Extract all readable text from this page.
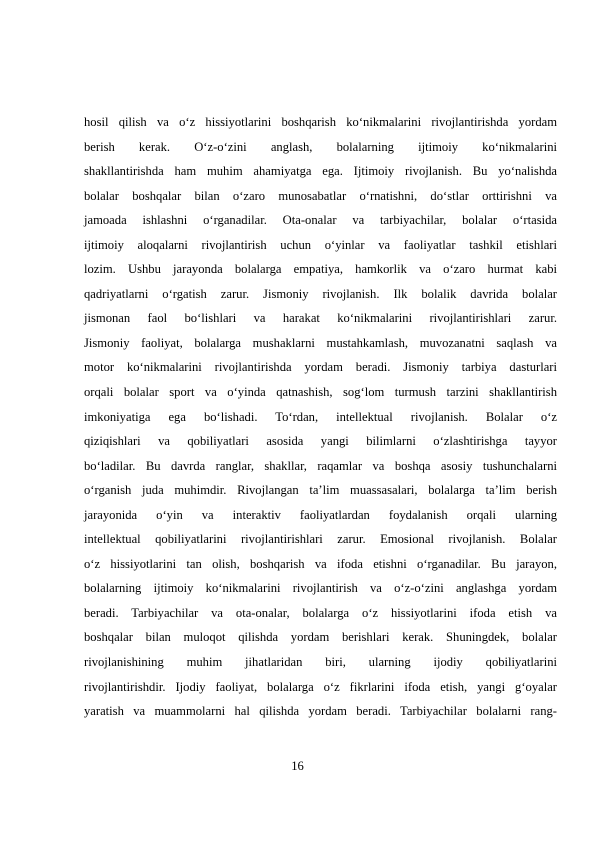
hosil qilish va o‘z hissiyotlarini boshqarish ko‘nikmalarini rivojlantirishda yordam
berish kerak. O‘z-o‘zini anglash, bolalarning ijtimoiy ko‘nikmalarini
shakllantirishda ham muhim ahamiyatga ega. Ijtimoiy rivojlanish. Bu yo‘nalishda
bolalar boshqalar bilan o‘zaro munosabatlar o‘rnatishni, do‘stlar orttirishni va
jamoada ishlashni o‘rganadilar. Ota-onalar va tarbiyachilar, bolalar o‘rtasida
ijtimoiy aloqalarni rivojlantirish uchun o‘yinlar va faoliyatlar tashkil etishlari
lozim. Ushbu jarayonda bolalarga empatiya, hamkorlik va o‘zaro hurmat kabi
qadriyatlarni o‘rgatish zarur. Jismoniy rivojlanish. Ilk bolalik davrida bolalar
jismonan faol bo‘lishlari va harakat ko‘nikmalarini rivojlantirishlari zarur.
Jismoniy faoliyat, bolalarga mushaklarni mustahkamlash, muvozanatni saqlash va
motor ko‘nikmalarini rivojlantirishda yordam beradi. Jismoniy tarbiya dasturlari
orqali bolalar sport va o‘yinda qatnashish, sog‘lom turmush tarzini shakllantirish
imkoniyatiga ega bo‘lishadi. To‘rdan, intellektual rivojlanish. Bolalar o‘z
qiziqishlari va qobiliyatlari asosida yangi bilimlarni o‘zlashtirishga tayyor
bo‘ladilar. Bu davrda ranglar, shakllar, raqamlar va boshqa asosiy tushunchalarni
o‘rganish juda muhimdir. Rivojlangan ta’lim muassasalari, bolalarga ta’lim berish
jarayonida o‘yin va interaktiv faoliyatlardan foydalanish orqali ularning
intellektual qobiliyatlarini rivojlantirishlari zarur. Emosional rivojlanish. Bolalar
o‘z hissiyotlarini tan olish, boshqarish va ifoda etishni o‘rganadilar. Bu jarayon,
bolalarning ijtimoiy ko‘nikmalarini rivojlantirish va o‘z-o‘zini anglashga yordam
beradi. Tarbiyachilar va ota-onalar, bolalarga o‘z hissiyotlarini ifoda etish va
boshqalar bilan muloqot qilishda yordam berishlari kerak. Shuningdek, bolalar
rivojlanishining muhim jihatlaridan biri, ularning ijodiy qobiliyatlarini
rivojlantirishdir. Ijodiy faoliyat, bolalarga o‘z fikrlarini ifoda etish, yangi g‘oyalar
yaratish va muammolarni hal qilishda yordam beradi. Tarbiyachilar bolalarni rang-
16
